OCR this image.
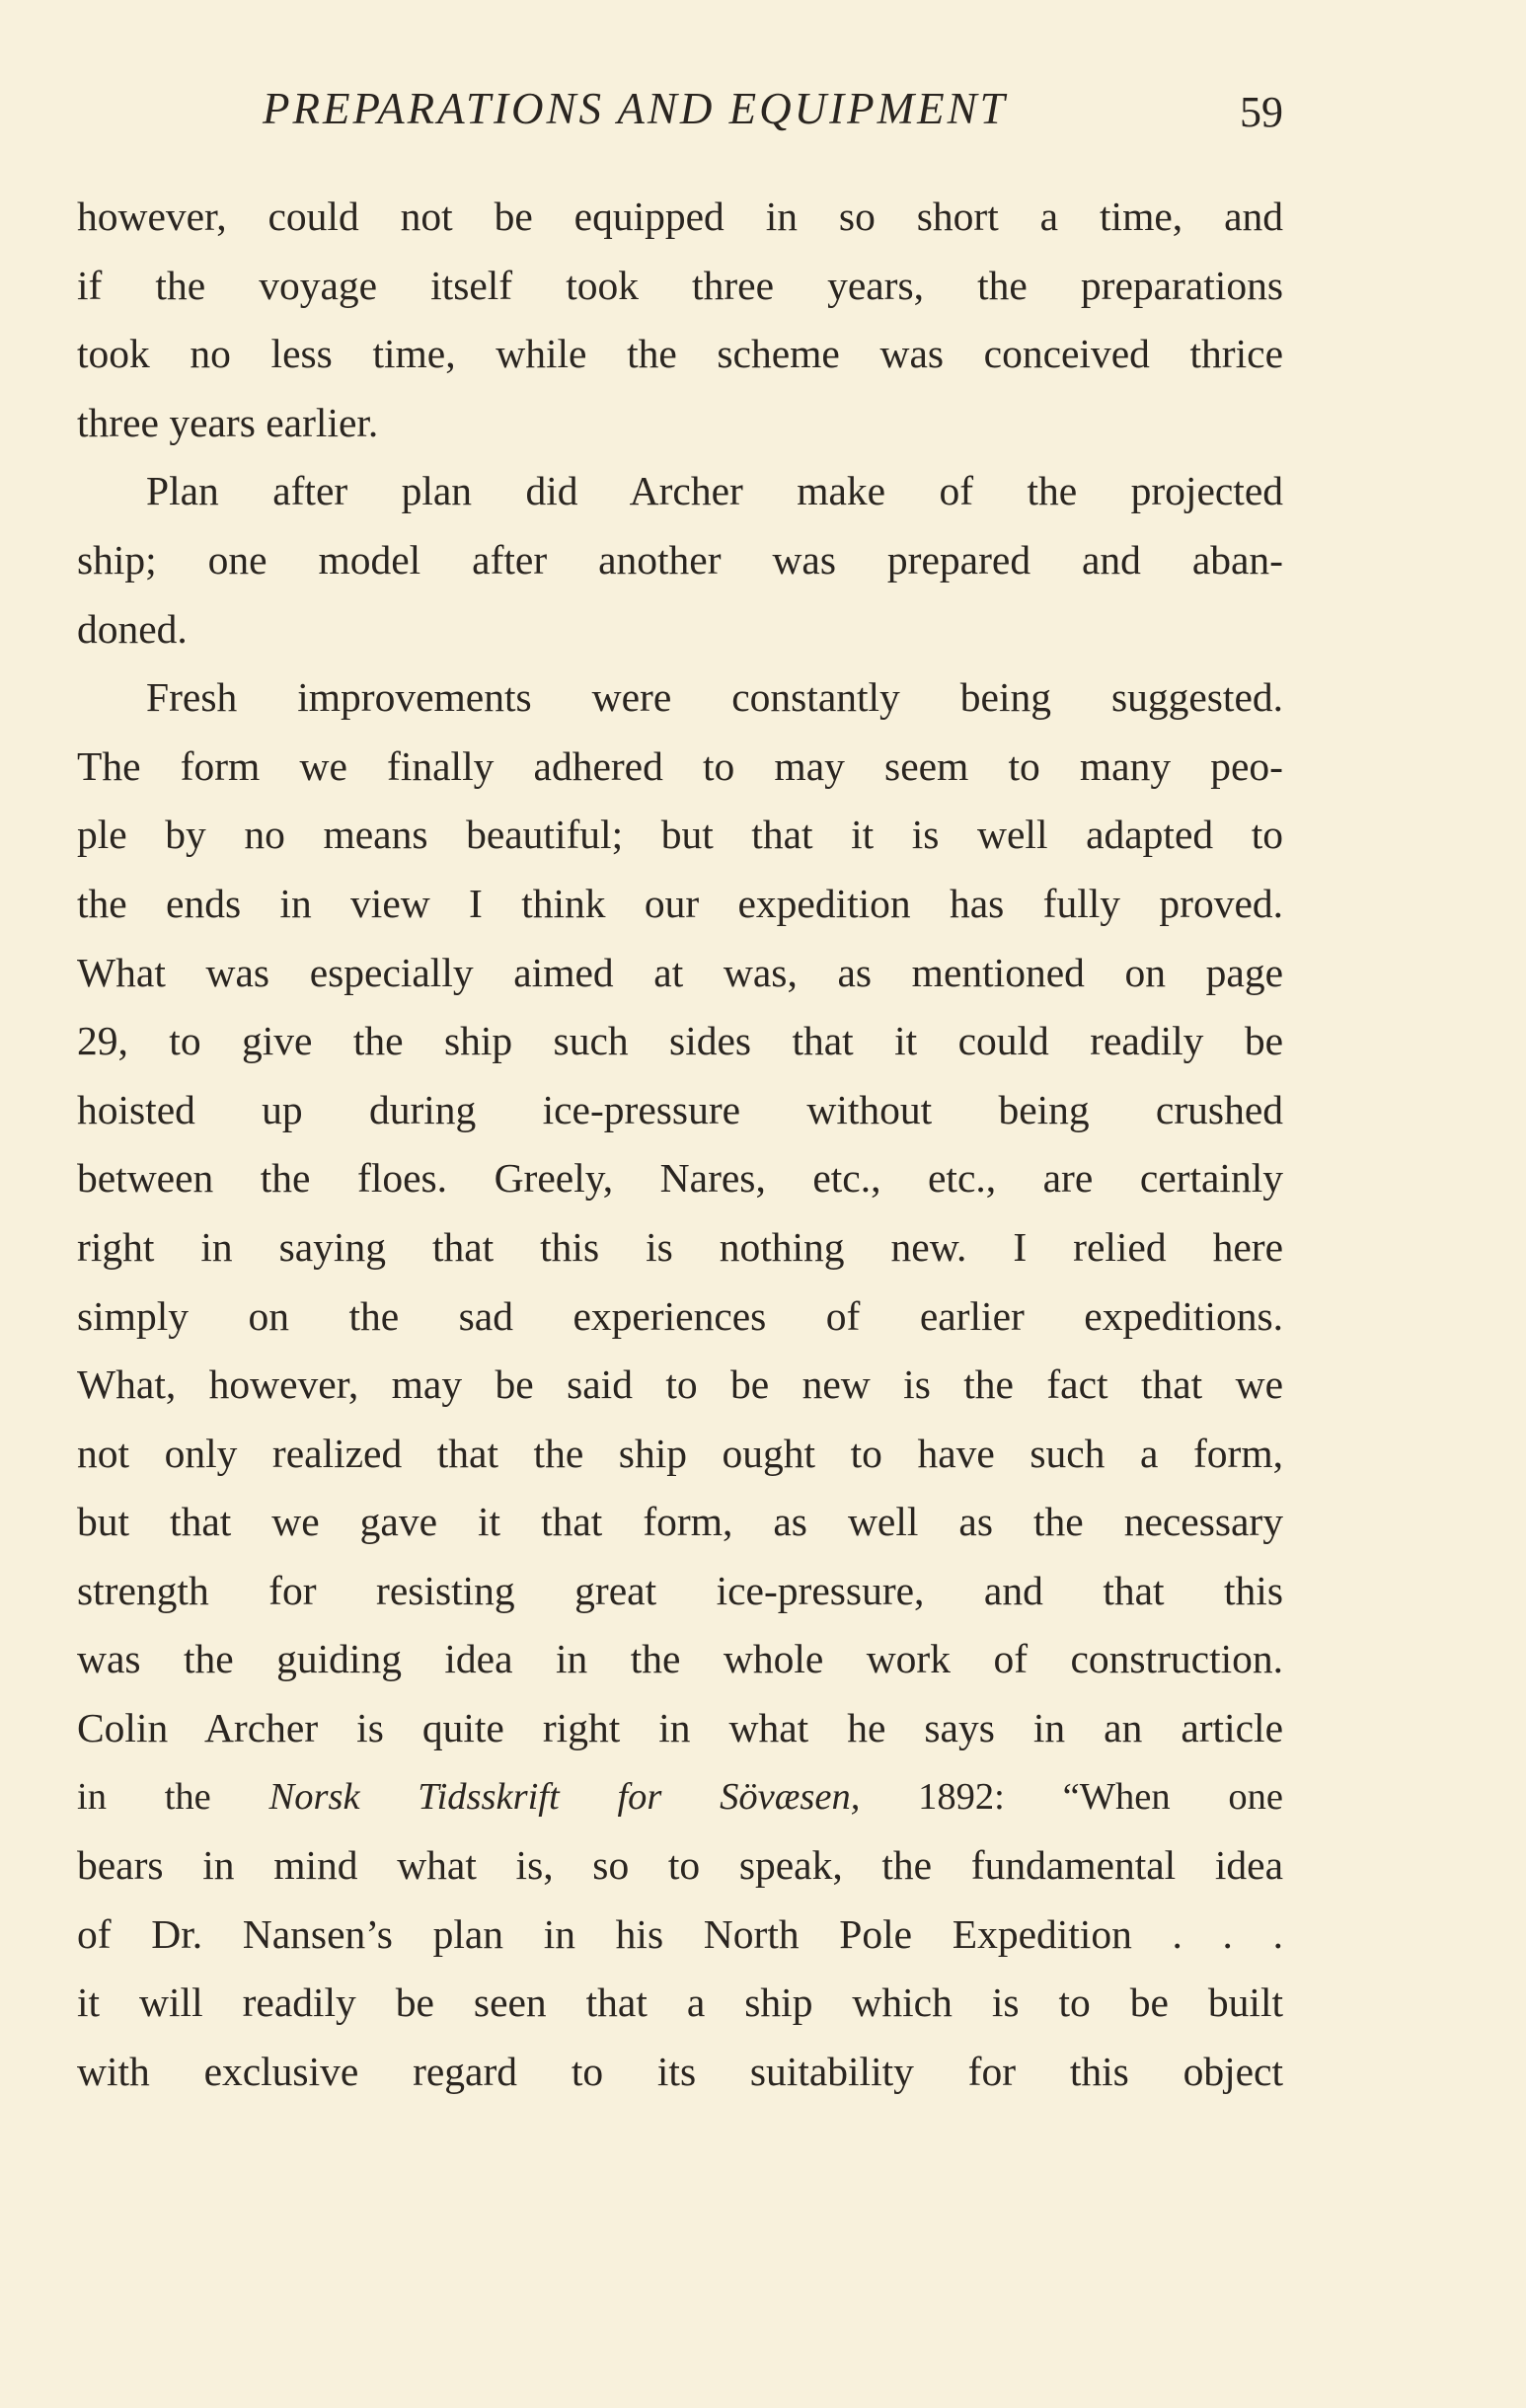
PREPARATIONS AND EQUIPMENT	59
however, could not be equipped in so short a time, and
if the voyage itself took three years, the preparations
took no less time, while the scheme was conceived thrice
three years earlier.
Plan after plan did Archer make of the projected
ship; one model after another was prepared and aban-
doned.
Fresh improvements were constantly being suggested.
The form we finally adhered to may seem to many peo-
ple by no means beautiful; but that it is well adapted to
the ends in view I think our expedition has fully proved.
What was especially aimed at was, as mentioned on page
29, to give the ship such sides that it could readily be
hoisted up during ice-pressure without being crushed
between the floes. Greely, Nares, etc., etc., are certainly
right in saying that this is nothing new. I relied here
simply on the sad experiences of earlier expeditions.
What, however, may be said to be new is the fact that we
not only realized that the ship ought to have such a form,
but that we gave it that form, as well as the necessary
strength for resisting great ice-pressure, and that this
was the guiding idea in the whole work of construction.
Colin Archer is quite right in what he says in an article
in the Norsk Tidsskrift for Sövæsen, 1892: “When one
bears in mind what is, so to speak, the fundamental idea
of Dr. Nansen’s plan in his North Pole Expedition . . .
it will readily be seen that a ship which is to be built
with exclusive regard to its suitability for this object
